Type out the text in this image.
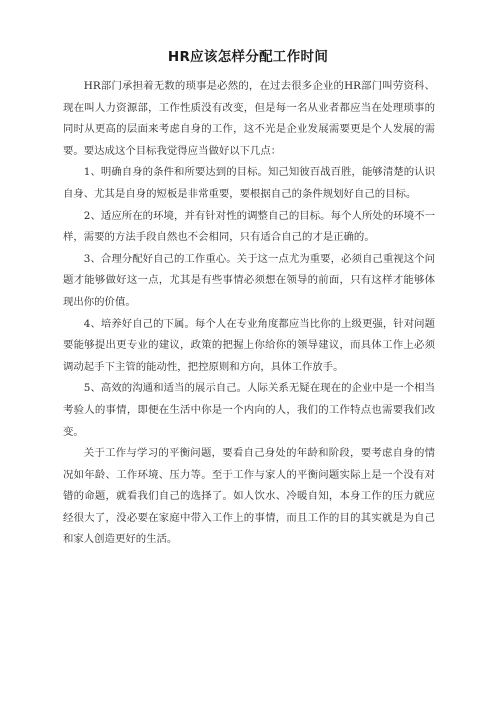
HR应该怎样分配工作时间

HR部门承担着无数的琐事是必然的，在过去很多企业的HR部门叫劳资科、现在叫人力资源部，工作性质没有改变，但是每一名从业者都应当在处理琐事的同时从更高的层面来考虑自身的工作，这不光是企业发展需要更是个人发展的需要。要达成这个目标我觉得应当做好以下几点：

1、明确自身的条件和所要达到的目标。知己知彼百战百胜，能够清楚的认识自身、尤其是自身的短板是非常重要，要根据自己的条件规划好自己的目标。

2、适应所在的环境，并有针对性的调整自己的目标。每个人所处的环境不一样，需要的方法手段自然也不会相同，只有适合自己的才是正确的。

3、合理分配好自己的工作重心。关于这一点尤为重要，必须自己重视这个问题才能够做好这一点，尤其是有些事情必须想在领导的前面，只有这样才能够体现出你的价值。

4、培养好自己的下属。每个人在专业角度都应当比你的上级更强，针对问题要能够提出更专业的建议，政策的把握上你给你的领导建议，而具体工作上必须调动起手下主管的能动性，把控原则和方向，具体工作放手。

5、高效的沟通和适当的展示自己。人际关系无疑在现在的企业中是一个相当考验人的事情，即便在生活中你是一个内向的人，我们的工作特点也需要我们改变。

关于工作与学习的平衡问题，要看自己身处的年龄和阶段，要考虑自身的情况如年龄、工作环境、压力等。至于工作与家人的平衡问题实际上是一个没有对错的命题，就看我们自己的选择了。如人饮水、冷暖自知，本身工作的压力就应经很大了，没必要在家庭中带入工作上的事情，而且工作的目的其实就是为自己和家人创造更好的生活。
